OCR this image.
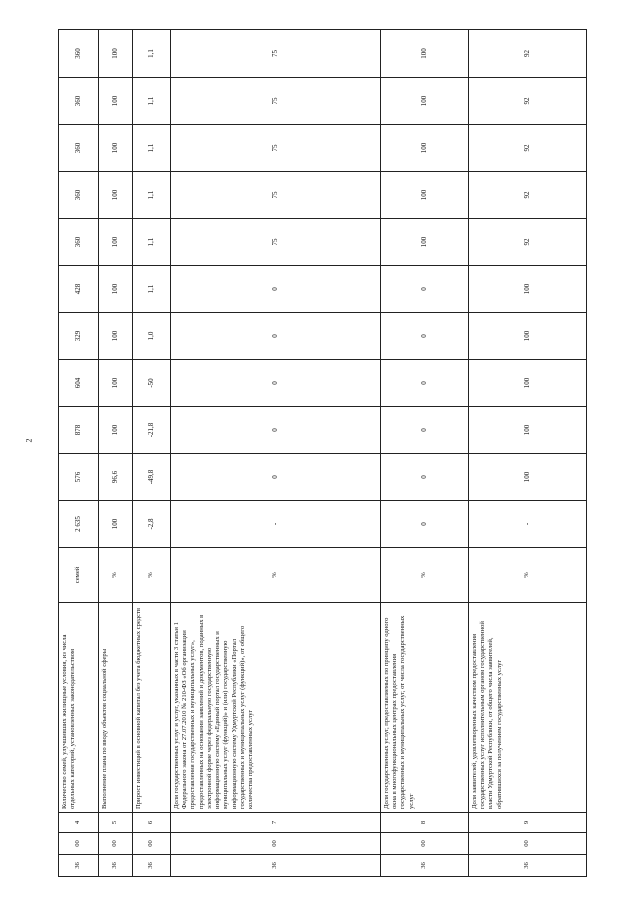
2
36	00	4	Количество семей, улучшивших жилищные условия, из числа отдельных категорий, установленных законодательством	семей	2 635	576	878	604	329	428	360	360	360	360	360
36	00	5	Выполнение плана по вводу объектов социальной сферы	%	100	96,6	100	100	100	100	100	100	100	100	100
36	00	6	Прирост инвестиций в основной капитал без учета бюджетных средств	%	-2,8	-49,8	-21,8	-50	1,0	1,1	1,1	1,1	1,1	1,1	1,1
36	00	7	Доля государственных услуг и услуг, указанных в части 3 статьи 1 Федерального закона от 27.07.2010 № 210-ФЗ «Об организации предоставления государственных и муниципальных услуг», предоставленных на основании заявлений и документов, поданных в электронной форме через федеральную государственную информационную систему «Единый портал государственных и муниципальных услуг (функций)» и (или) государственную информационную систему Удмуртской Республики «Портал государственных и муниципальных услуг (функций)», от общего количества предоставленных услуг	%	-	0	0	0	0	0	75	75	75	75	75
36	00	8	Доля государственных услуг, предоставляемых по принципу одного окна в многофункциональных центрах предоставления государственных и муниципальных услуг, от числа государственных услуг	%	0	0	0	0	0	0	100	100	100	100	100
36	00	9	Доля заявителей, удовлетворенных качеством предоставления государственных услуг исполнительным органом государственной власти Удмуртской Республики, от общего числа заявителей, обратившихся за получением государственных услуг	%	-	100	100	100	100	100	92	92	92	92	92
